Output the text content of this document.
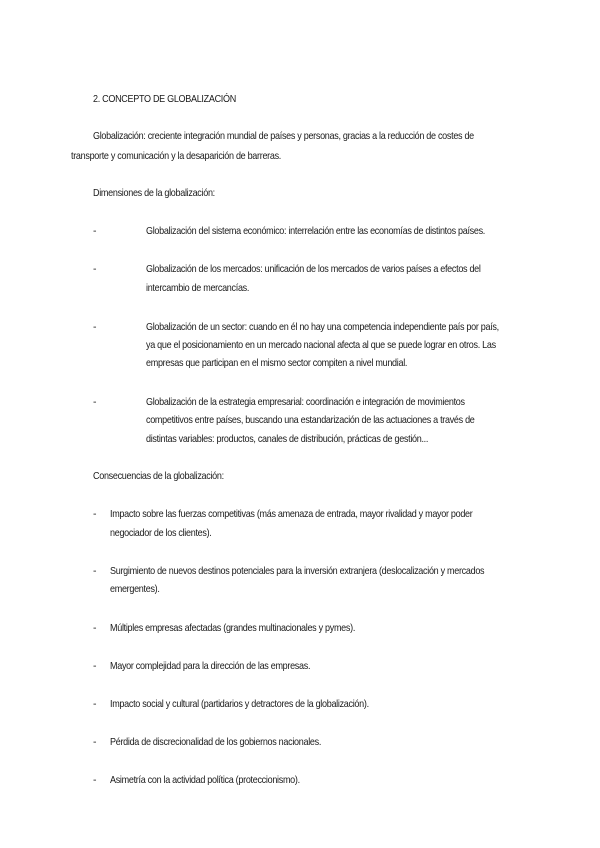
2. CONCEPTO DE GLOBALIZACIÓN
Globalización: creciente integración mundial de países y personas, gracias a la reducción de costes de
transporte y comunicación y la desaparición de barreras.
Dimensiones de la globalización:
-	Globalización del sistema económico: interrelación entre las economías de distintos países.
-	Globalización de los mercados: unificación de los mercados de varios países a efectos del
intercambio de mercancías.
-	Globalización de un sector: cuando en él no hay una competencia independiente país por país,
ya que el posicionamiento en un mercado nacional afecta al que se puede lograr en otros. Las
empresas que participan en el mismo sector compiten a nivel mundial.
-	Globalización de la estrategia empresarial: coordinación e integración de movimientos
competitivos entre países, buscando una estandarización de las actuaciones a través de
distintas variables: productos, canales de distribución, prácticas de gestión...
Consecuencias de la globalización:
- Impacto sobre las fuerzas competitivas (más amenaza de entrada, mayor rivalidad y mayor poder
negociador de los clientes).
- Surgimiento de nuevos destinos potenciales para la inversión extranjera (deslocalización y mercados
emergentes).
- Múltiples empresas afectadas (grandes multinacionales y pymes).
- Mayor complejidad para la dirección de las empresas.
- Impacto social y cultural (partidarios y detractores de la globalización).
- Pérdida de discrecionalidad de los gobiernos nacionales.
- Asimetría con la actividad política (proteccionismo).
